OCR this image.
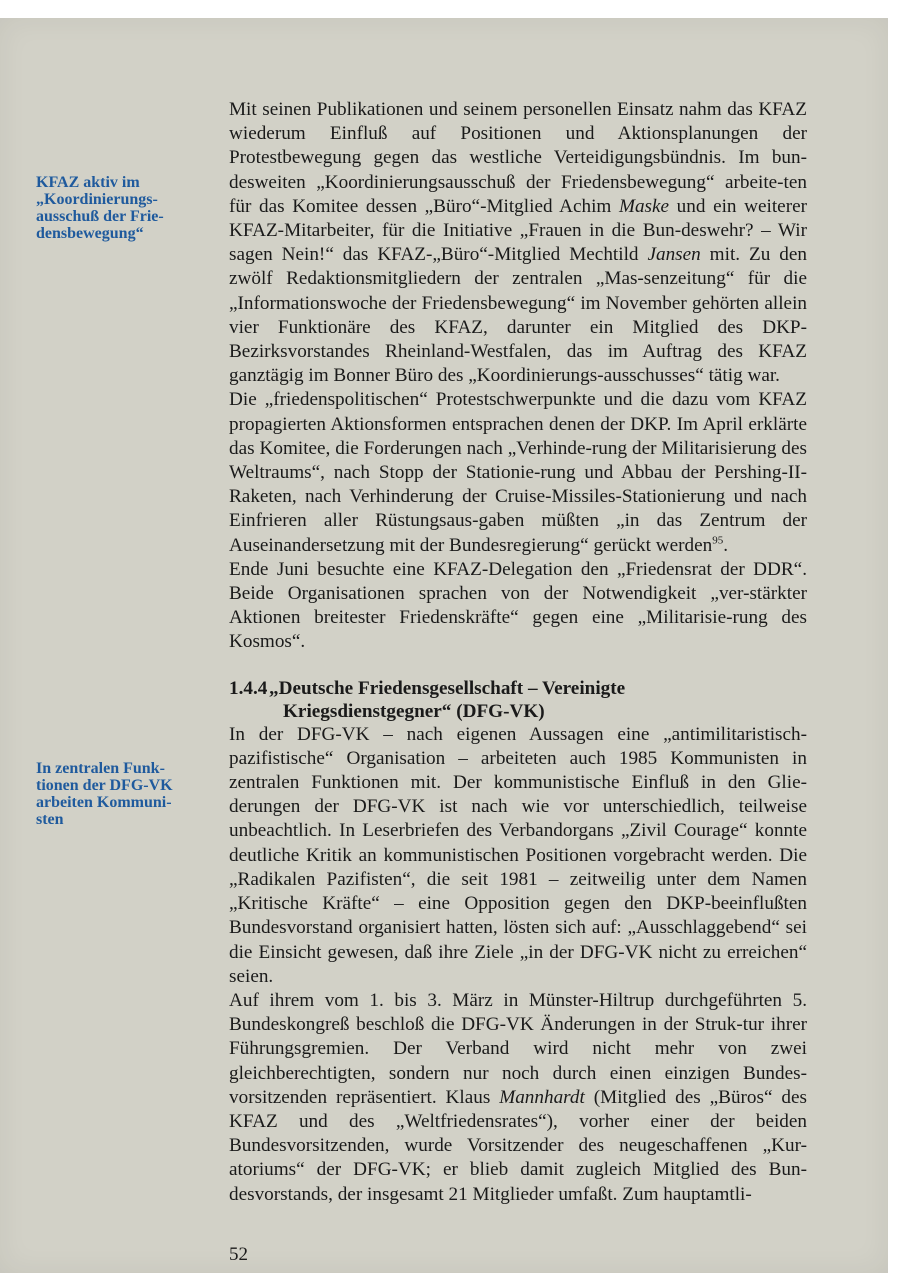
KFAZ aktiv im
„Koordinierungs-
ausschuß der Frie-
densbewegung“
In zentralen Funk-
tionen der DFG-VK
arbeiten Kommuni-
sten

Mit seinen Publikationen und seinem personellen Einsatz nahm das KFAZ wiederum Einfluß auf Positionen und Aktionsplanungen der Protestbewegung gegen das westliche Verteidigungsbündnis. Im bun-desweiten „Koordinierungsausschuß der Friedensbewegung“ arbeite-ten für das Komitee dessen „Büro“-Mitglied Achim Maske und ein weiterer KFAZ-Mitarbeiter, für die Initiative „Frauen in die Bun-deswehr? – Wir sagen Nein!“ das KFAZ-„Büro“-Mitglied Mechtild Jansen mit. Zu den zwölf Redaktionsmitgliedern der zentralen „Mas-senzeitung“ für die „Informationswoche der Friedensbewegung“ im November gehörten allein vier Funktionäre des KFAZ, darunter ein Mitglied des DKP-Bezirksvorstandes Rheinland-Westfalen, das im Auftrag des KFAZ ganztägig im Bonner Büro des „Koordinierungs-ausschusses“ tätig war.

Die „friedenspolitischen“ Protestschwerpunkte und die dazu vom KFAZ propagierten Aktionsformen entsprachen denen der DKP. Im April erklärte das Komitee, die Forderungen nach „Verhinde-rung der Militarisierung des Weltraums“, nach Stopp der Stationie-rung und Abbau der Pershing-II-Raketen, nach Verhinderung der Cruise-Missiles-Stationierung und nach Einfrieren aller Rüstungsaus-gaben müßten „in das Zentrum der Auseinandersetzung mit der Bundesregierung“ gerückt werden$^{95}$.

Ende Juni besuchte eine KFAZ-Delegation den „Friedensrat der DDR“. Beide Organisationen sprachen von der Notwendigkeit „ver-stärkter Aktionen breitester Friedenskräfte“ gegen eine „Militarisie-rung des Kosmos“.

1.4.4„Deutsche Friedensgesellschaft – Vereinigte
Kriegsdienstgegner“ (DFG-VK)

In der DFG-VK – nach eigenen Aussagen eine „antimilitaristisch-pazifistische“ Organisation – arbeiteten auch 1985 Kommunisten in zentralen Funktionen mit. Der kommunistische Einfluß in den Glie-derungen der DFG-VK ist nach wie vor unterschiedlich, teilweise unbeachtlich. In Leserbriefen des Verbandorgans „Zivil Courage“ konnte deutliche Kritik an kommunistischen Positionen vorgebracht werden. Die „Radikalen Pazifisten“, die seit 1981 – zeitweilig unter dem Namen „Kritische Kräfte“ – eine Opposition gegen den DKP-beeinflußten Bundesvorstand organisiert hatten, lösten sich auf: „Ausschlaggebend“ sei die Einsicht gewesen, daß ihre Ziele „in der DFG-VK nicht zu erreichen“ seien.

Auf ihrem vom 1. bis 3. März in Münster-Hiltrup durchgeführten 5. Bundeskongreß beschloß die DFG-VK Änderungen in der Struk-tur ihrer Führungsgremien. Der Verband wird nicht mehr von zwei gleichberechtigten, sondern nur noch durch einen einzigen Bundes-vorsitzenden repräsentiert. Klaus Mannhardt (Mitglied des „Büros“ des KFAZ und des „Weltfriedensrates“), vorher einer der beiden Bundesvorsitzenden, wurde Vorsitzender des neugeschaffenen „Kur-atoriums“ der DFG-VK; er blieb damit zugleich Mitglied des Bun-desvorstands, der insgesamt 21 Mitglieder umfaßt. Zum hauptamtli-

52
